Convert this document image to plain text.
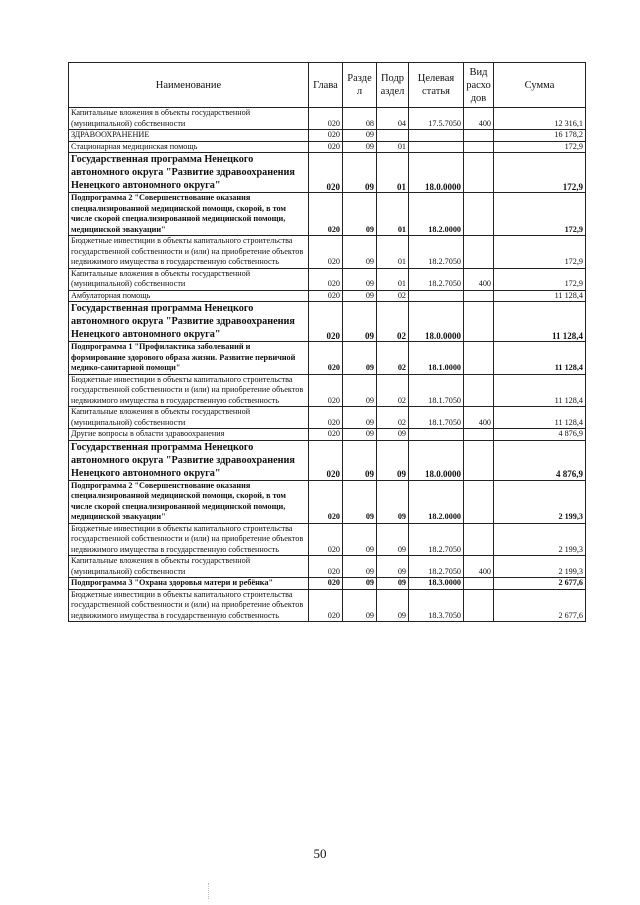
Наименование	Глава	Разде л	Подр аздел	Целевая статья	Вид расхо дов	Сумма
Капитальные вложения в объекты государственной (муниципальной) собственности	020	08	04	17.5.7050	400	12 316,1
ЗДРАВООХРАНЕНИЕ	020	09				16 178,2
Стационарная медицинская помощь	020	09	01			172,9
Государственная программа Ненецкого автономного округа "Развитие здравоохранения Ненецкого автономного округа"	020	09	01	18.0.0000		172,9
Подпрограмма 2 "Совершенствование оказания специализированной медицинской помощи, скорой, в том числе скорой специализированной медицинской помощи, медицинской эвакуации"	020	09	01	18.2.0000		172,9
Бюджетные инвестиции в объекты капитального строительства государственной собственности и (или) на приобретение объектов недвижимого имущества в государственную собственность	020	09	01	18.2.7050		172,9
Капитальные вложения в объекты государственной (муниципальной) собственности	020	09	01	18.2.7050	400	172,9
Амбулаторная помощь	020	09	02			11 128,4
Государственная программа Ненецкого автономного округа "Развитие здравоохранения Ненецкого автономного округа"	020	09	02	18.0.0000		11 128,4
Подпрограмма 1 "Профилактика заболеваний и формирование здорового образа жизни. Развитие первичной медико-санитарной помощи"	020	09	02	18.1.0000		11 128,4
Бюджетные инвестиции в объекты капитального строительства государственной собственности и (или) на приобретение объектов недвижимого имущества в государственную собственность	020	09	02	18.1.7050		11 128,4
Капитальные вложения в объекты государственной (муниципальной) собственности	020	09	02	18.1.7050	400	11 128,4
Другие вопросы в области здравоохранения	020	09	09			4 876,9
Государственная программа Ненецкого автономного округа "Развитие здравоохранения Ненецкого автономного округа"	020	09	09	18.0.0000		4 876,9
Подпрограмма 2 "Совершенствование оказания специализированной медицинской помощи, скорой, в том числе скорой специализированной медицинской помощи, медицинской эвакуации"	020	09	09	18.2.0000		2 199,3
Бюджетные инвестиции в объекты капитального строительства государственной собственности и (или) на приобретение объектов недвижимого имущества в государственную собственность	020	09	09	18.2.7050		2 199,3
Капитальные вложения в объекты государственной (муниципальной) собственности	020	09	09	18.2.7050	400	2 199,3
Подпрограмма 3 "Охрана здоровья матери и ребёнка"	020	09	09	18.3.0000		2 677,6
Бюджетные инвестиции в объекты капитального строительства государственной собственности и (или) на приобретение объектов недвижимого имущества в государственную собственность	020	09	09	18.3.7050		2 677,6
50
